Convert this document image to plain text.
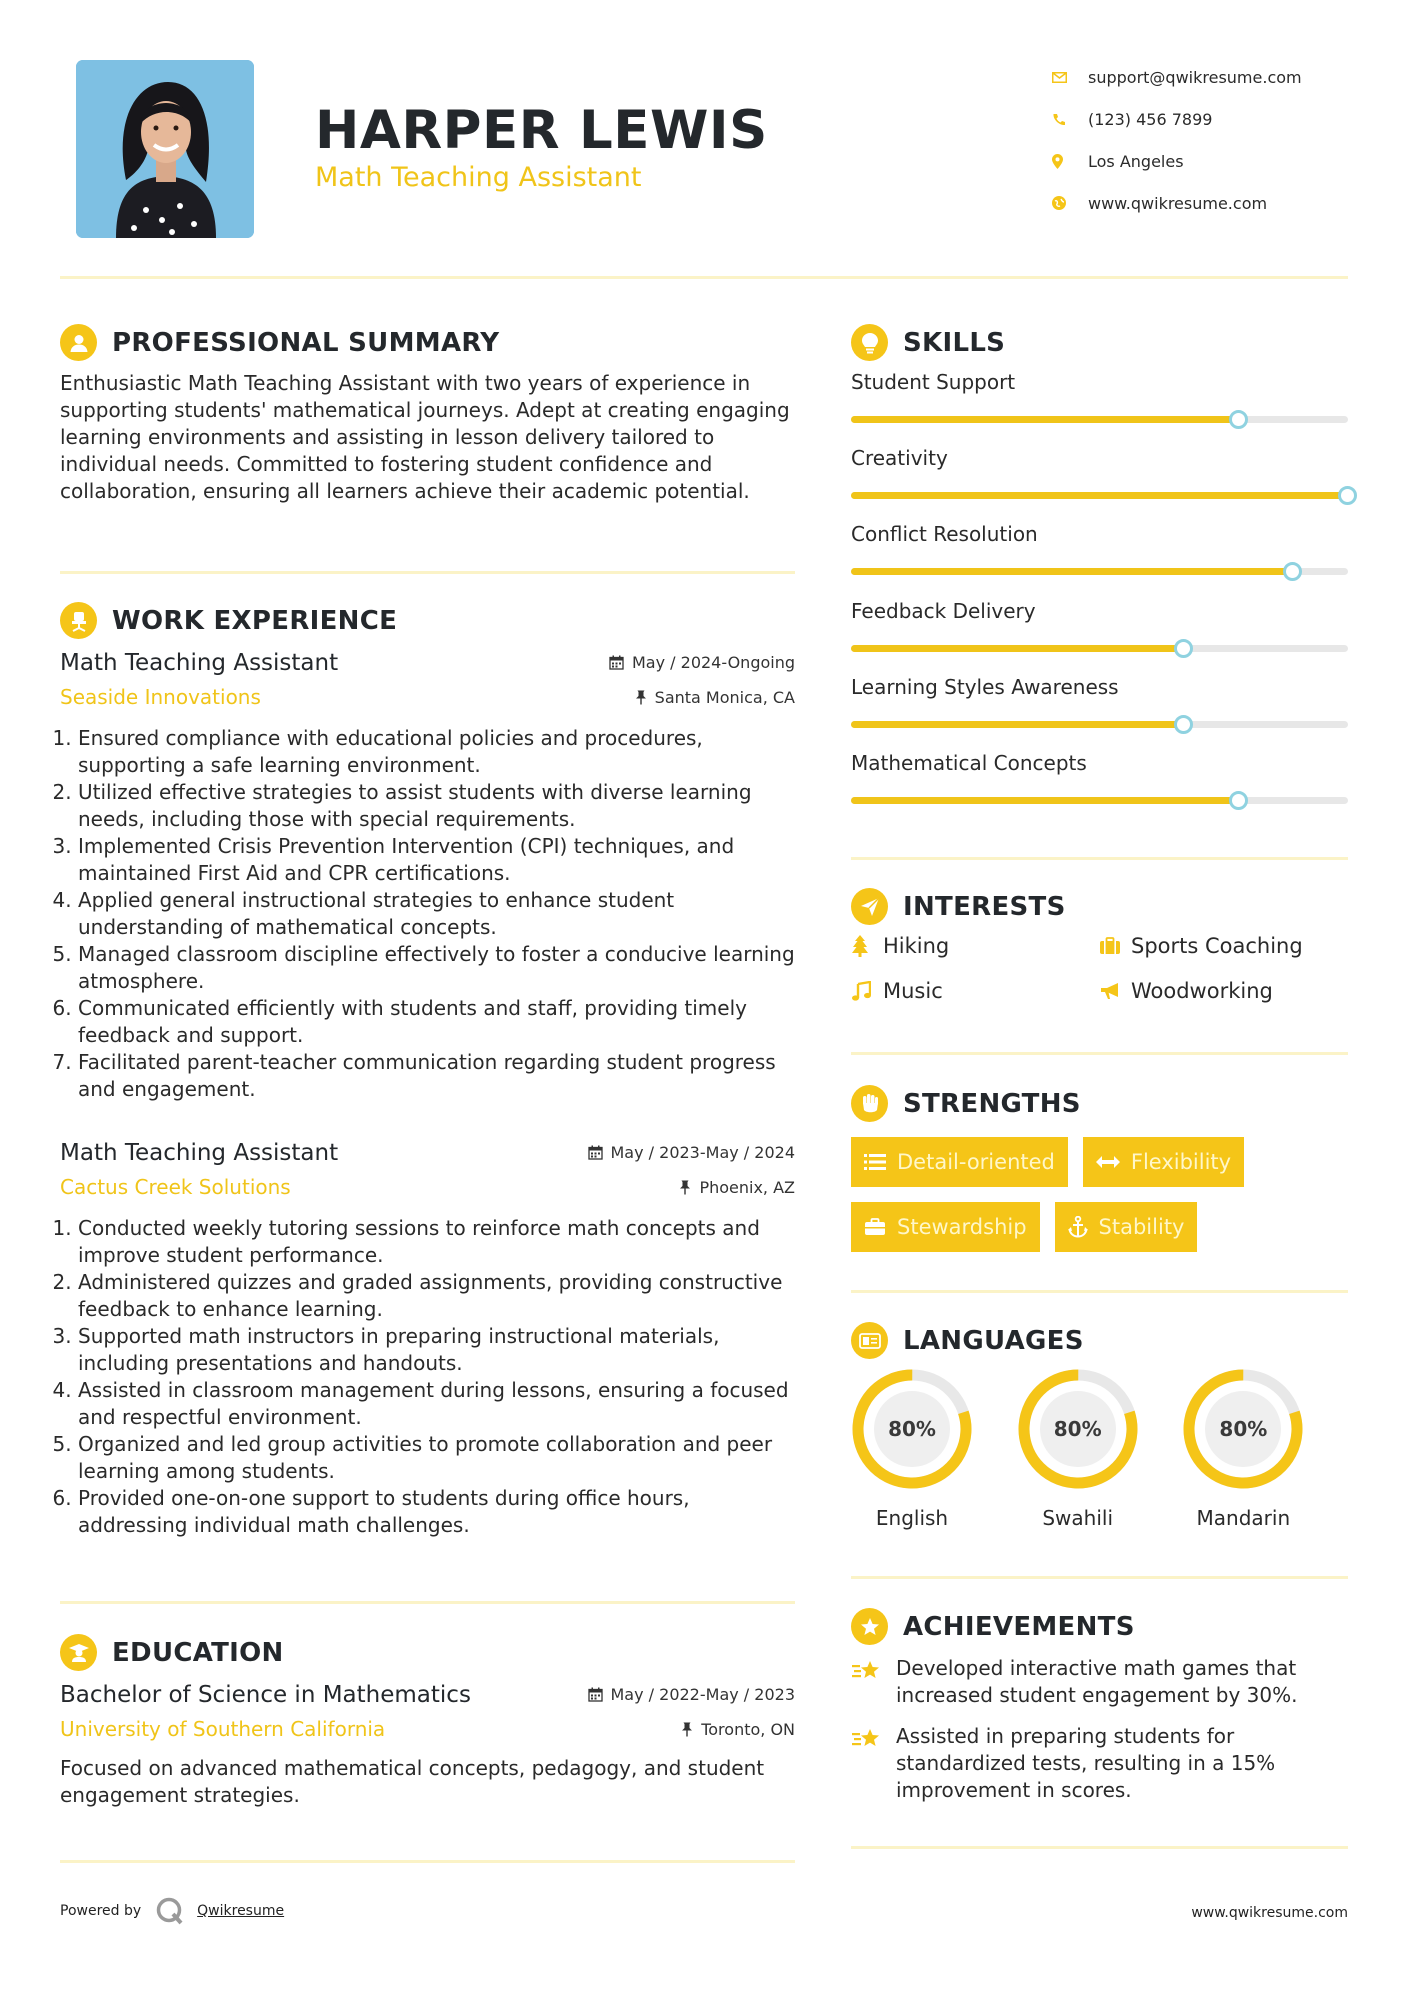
HARPER LEWIS
Math Teaching Assistant
support@qwikresume.com
(123) 456 7899
Los Angeles
www.qwikresume.com
PROFESSIONAL SUMMARY
Enthusiastic Math Teaching Assistant with two years of experience in supporting students' mathematical journeys. Adept at creating engaging learning environments and assisting in lesson delivery tailored to individual needs. Committed to fostering student confidence and collaboration, ensuring all learners achieve their academic potential.
WORK EXPERIENCE
Math Teaching Assistant	May / 2024-Ongoing
Seaside Innovations	Santa Monica, CA
1. Ensured compliance with educational policies and procedures, supporting a safe learning environment.
2. Utilized effective strategies to assist students with diverse learning needs, including those with special requirements.
3. Implemented Crisis Prevention Intervention (CPI) techniques, and maintained First Aid and CPR certifications.
4. Applied general instructional strategies to enhance student understanding of mathematical concepts.
5. Managed classroom discipline effectively to foster a conducive learning atmosphere.
6. Communicated efficiently with students and staff, providing timely feedback and support.
7. Facilitated parent-teacher communication regarding student progress and engagement.
Math Teaching Assistant	May / 2023-May / 2024
Cactus Creek Solutions	Phoenix, AZ
1. Conducted weekly tutoring sessions to reinforce math concepts and improve student performance.
2. Administered quizzes and graded assignments, providing constructive feedback to enhance learning.
3. Supported math instructors in preparing instructional materials, including presentations and handouts.
4. Assisted in classroom management during lessons, ensuring a focused and respectful environment.
5. Organized and led group activities to promote collaboration and peer learning among students.
6. Provided one-on-one support to students during office hours, addressing individual math challenges.
EDUCATION
Bachelor of Science in Mathematics	May / 2022-May / 2023
University of Southern California	Toronto, ON
Focused on advanced mathematical concepts, pedagogy, and student engagement strategies.
SKILLS
Student Support
Creativity
Conflict Resolution
Feedback Delivery
Learning Styles Awareness
Mathematical Concepts
INTERESTS
Hiking	Sports Coaching
Music	Woodworking
STRENGTHS
Detail-oriented	Flexibility
Stewardship	Stability
LANGUAGES
80%
English
80%
Swahili
80%
Mandarin
ACHIEVEMENTS
Developed interactive math games that increased student engagement by 30%.
Assisted in preparing students for standardized tests, resulting in a 15% improvement in scores.
Powered by	Qwikresume	www.qwikresume.com
